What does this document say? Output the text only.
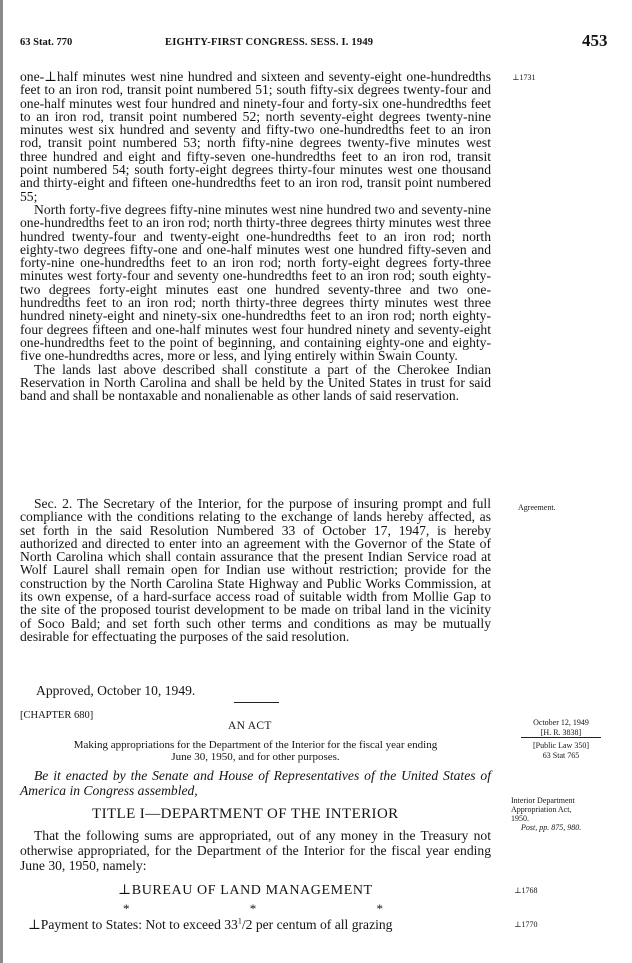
63 Stat. 770	EIGHTY-FIRST CONGRESS. SESS. I. 1949	453

one-⊥half minutes west nine hundred and sixteen and seventy-eight one-hundredths feet to an iron rod, transit point numbered 51; south fifty-six degrees twenty-four and one-half minutes west four hundred and ninety-four and forty-six one-hundredths feet to an iron rod, transit point numbered 52; north seventy-eight degrees twenty-nine minutes west six hundred and seventy and fifty-two one-hundredths feet to an iron rod, transit point numbered 53; north fifty-nine degrees twenty-five minutes west three hundred and eight and fifty-seven one-hundredths feet to an iron rod, transit point numbered 54; south forty-eight degrees thirty-four minutes west one thousand and thirty-eight and fifteen one-hundredths feet to an iron rod, transit point numbered 55;

North forty-five degrees fifty-nine minutes west nine hundred two and seventy-nine one-hundredths feet to an iron rod; north thirty-three degrees thirty minutes west three hundred twenty-four and twenty-eight one-hundredths feet to an iron rod; north eighty-two degrees fifty-one and one-half minutes west one hundred fifty-seven and forty-nine one-hundredths feet to an iron rod; north forty-eight degrees forty-three minutes west forty-four and seventy one-hundredths feet to an iron rod; south eighty-two degrees forty-eight minutes east one hundred seventy-three and two one-hundredths feet to an iron rod; north thirty-three degrees thirty minutes west three hundred ninety-eight and ninety-six one-hundredths feet to an iron rod; north eighty-four degrees fifteen and one-half minutes west four hundred ninety and seventy-eight one-hundredths feet to the point of beginning, and containing eighty-one and eighty-five one-hundredths acres, more or less, and lying entirely within Swain County.

The lands last above described shall constitute a part of the Cherokee Indian Reservation in North Carolina and shall be held by the United States in trust for said band and shall be nontaxable and nonalienable as other lands of said reservation.

Sec. 2. The Secretary of the Interior, for the purpose of insuring prompt and full compliance with the conditions relating to the exchange of lands hereby affected, as set forth in the said Resolution Numbered 33 of October 17, 1947, is hereby authorized and directed to enter into an agreement with the Governor of the State of North Carolina which shall contain assurance that the present Indian Service road at Wolf Laurel shall remain open for Indian use without restriction; provide for the construction by the North Carolina State Highway and Public Works Commission, at its own expense, of a hard-surface access road of suitable width from Mollie Gap to the site of the proposed tourist development to be made on tribal land in the vicinity of Soco Bald; and set forth such other terms and conditions as may be mutually desirable for effectuating the purposes of the said resolution.

Approved, October 10, 1949.
[CHAPTER 680]
AN ACT
Making appropriations for the Department of the Interior for the fiscal year ending
June 30, 1950, and for other purposes.
Be it enacted by the Senate and House of Representatives of the United States of America in Congress assembled,
TITLE I—DEPARTMENT OF THE INTERIOR
That the following sums are appropriated, out of any money in the Treasury not otherwise appropriated, for the Department of the Interior for the fiscal year ending June 30, 1950, namely:
⊥BUREAU OF LAND MANAGEMENT
*	*	*
⊥Payment to States: Not to exceed $33^1/2$ per centum of all grazing
⊥1731
Agreement.
October 12, 1949
[H. R. 3838]
[Public Law 350]
63 Stat 765
Interior Department
Appropriation Act,
1950.
Post, pp. 875, 980.
⊥1768
⊥1770
